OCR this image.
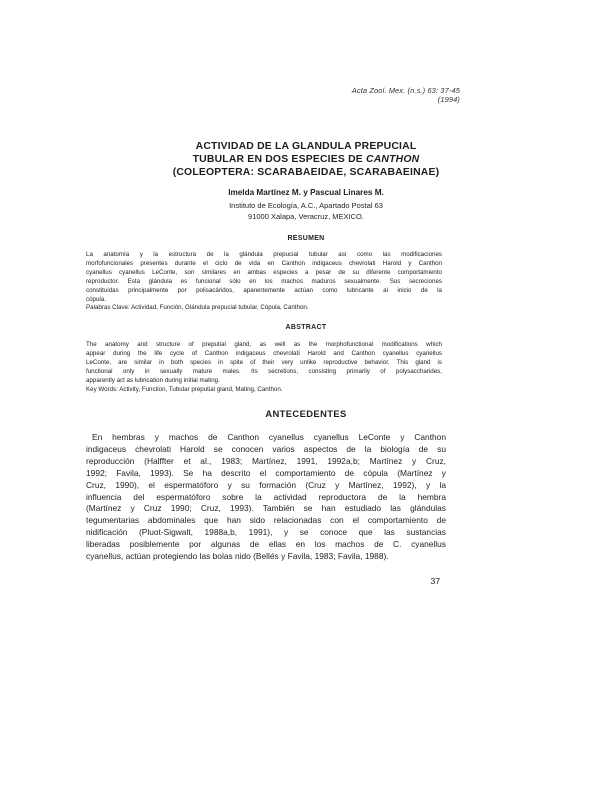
Acta Zool. Mex. (n.s.) 63: 37-45 (1994)
ACTIVIDAD DE LA GLANDULA PREPUCIAL
TUBULAR EN DOS ESPECIES DE CANTHON
(COLEOPTERA: SCARABAEIDAE, SCARABAEINAE)
Imelda Martínez M. y Pascual Linares M.
Instituto de Ecología, A.C., Apartado Postal 63
91000 Xalapa, Veracruz, MEXICO.
RESUMEN
La anatomía y la estructura de la glándula prepucial tubular así como las modificaciones
morfofuncionales presentes durante el ciclo de vida en Canthon indigaceus chevrolati Harold y Canthon
cyanellus cyanellus LeConte, son similares en ambas especies a pesar de su diferente comportamiento
reproductor. Esta glándula es funcional sólo en los machos maduros sexualmente. Sus secreciones
constituidas principalmente por polisacáridos, aparentemente actúan como lubricante al inicio de la
cópula.
Palabras Clave: Actividad, Función, Glándula prepucial tubular, Cópula, Canthon.
ABSTRACT
The anatomy and structure of preputial gland, as well as the morphofunctional modifications which
appear during the life cycle of Canthon indigaceus chevrolati Harold and Canthon cyanellus cyanellus
LeConte, are similar in both species in spite of their very unlike reproductive behavior. This gland is
functional only in sexually mature males. Its secretions, consisting primarily of polysaccharides,
apparently act as lubrication during initial mating.
Key Words: Activity, Function, Tubular preputial gland, Mating, Canthon.
ANTECEDENTES
En hembras y machos de Canthon cyanellus cyanellus LeConte y Canthon
indigaceus chevrolati Harold se conocen varios aspectos de la biología de su
reproducción (Halffter et al., 1983; Martínez, 1991, 1992a,b; Martínez y Cruz,
1992; Favila, 1993). Se ha descrito el comportamiento de cópula (Martínez y
Cruz, 1990), el espermatóforo y su formación (Cruz y Martínez, 1992), y la
influencia del espermatóforo sobre la actividad reproductora de la hembra
(Martínez y Cruz 1990; Cruz, 1993). También se han estudiado las glándulas
tegumentarias abdominales que han sido relacionadas con el comportamiento de
nidificación (Pluot-Sigwalt, 1988a,b, 1991), y se conoce que las sustancias
liberadas posiblemente por algunas de ellas en los machos de C. cyanellus
cyanellus, actúan protegiendo las bolas nido (Bellés y Favila, 1983; Favila, 1988).
37
